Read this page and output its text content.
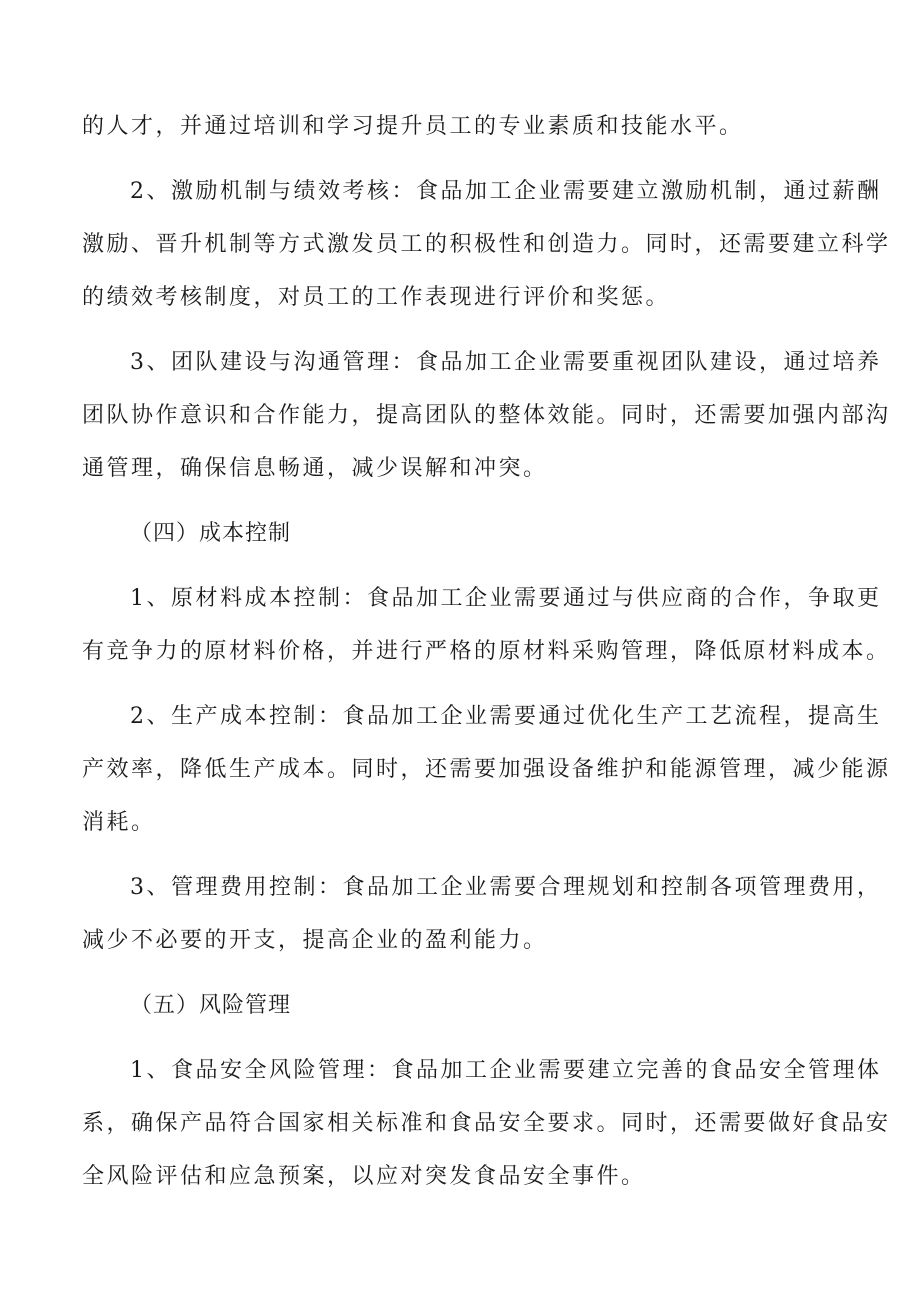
的人才，并通过培训和学习提升员工的专业素质和技能水平。
2、激励机制与绩效考核：食品加工企业需要建立激励机制，通过薪酬
激励、晋升机制等方式激发员工的积极性和创造力。同时，还需要建立科学
的绩效考核制度，对员工的工作表现进行评价和奖惩。
3、团队建设与沟通管理：食品加工企业需要重视团队建设，通过培养
团队协作意识和合作能力，提高团队的整体效能。同时，还需要加强内部沟
通管理，确保信息畅通，减少误解和冲突。
（四）成本控制
1、原材料成本控制：食品加工企业需要通过与供应商的合作，争取更
有竞争力的原材料价格，并进行严格的原材料采购管理，降低原材料成本。
2、生产成本控制：食品加工企业需要通过优化生产工艺流程，提高生
产效率，降低生产成本。同时，还需要加强设备维护和能源管理，减少能源
消耗。
3、管理费用控制：食品加工企业需要合理规划和控制各项管理费用，
减少不必要的开支，提高企业的盈利能力。
（五）风险管理
1、食品安全风险管理：食品加工企业需要建立完善的食品安全管理体
系，确保产品符合国家相关标准和食品安全要求。同时，还需要做好食品安
全风险评估和应急预案，以应对突发食品安全事件。
